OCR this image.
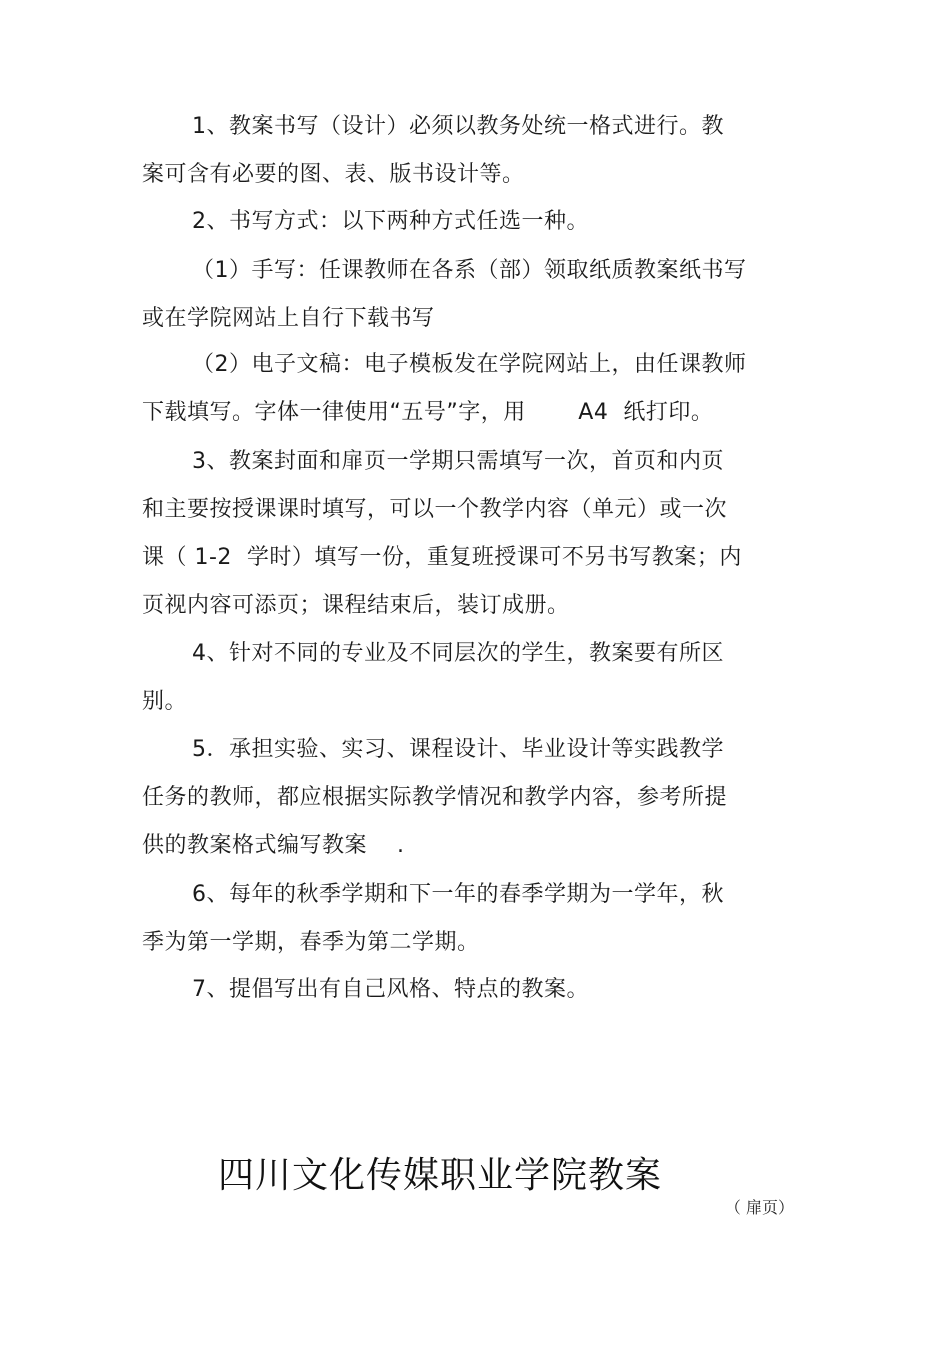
1、教案书写（设计）必须以教务处统一格式进行。教
案可含有必要的图、表、版书设计等。
2、书写方式：以下两种方式任选一种。
（1）手写：任课教师在各系（部）领取纸质教案纸书写
或在学院网站上自行下载书写
（2）电子文稿：电子模板发在学院网站上，由任课教师
下载填写。字体一律使用“五号”字，用　　 A4  纸打印。
3、教案封面和扉页一学期只需填写一次，首页和内页
和主要按授课课时填写，可以一个教学内容（单元）或一次
课（ 1-2  学时）填写一份，重复班授课可不另书写教案；内
页视内容可添页；课程结束后，装订成册。
4、针对不同的专业及不同层次的学生，教案要有所区
别。
5．承担实验、实习、课程设计、毕业设计等实践教学
任务的教师，都应根据实际教学情况和教学内容，参考所提
供的教案格式编写教案　 .
6、每年的秋季学期和下一年的春季学期为一学年，秋
季为第一学期，春季为第二学期。
7、提倡写出有自己风格、特点的教案。
四川文化传媒职业学院教案
（ 扉页）
